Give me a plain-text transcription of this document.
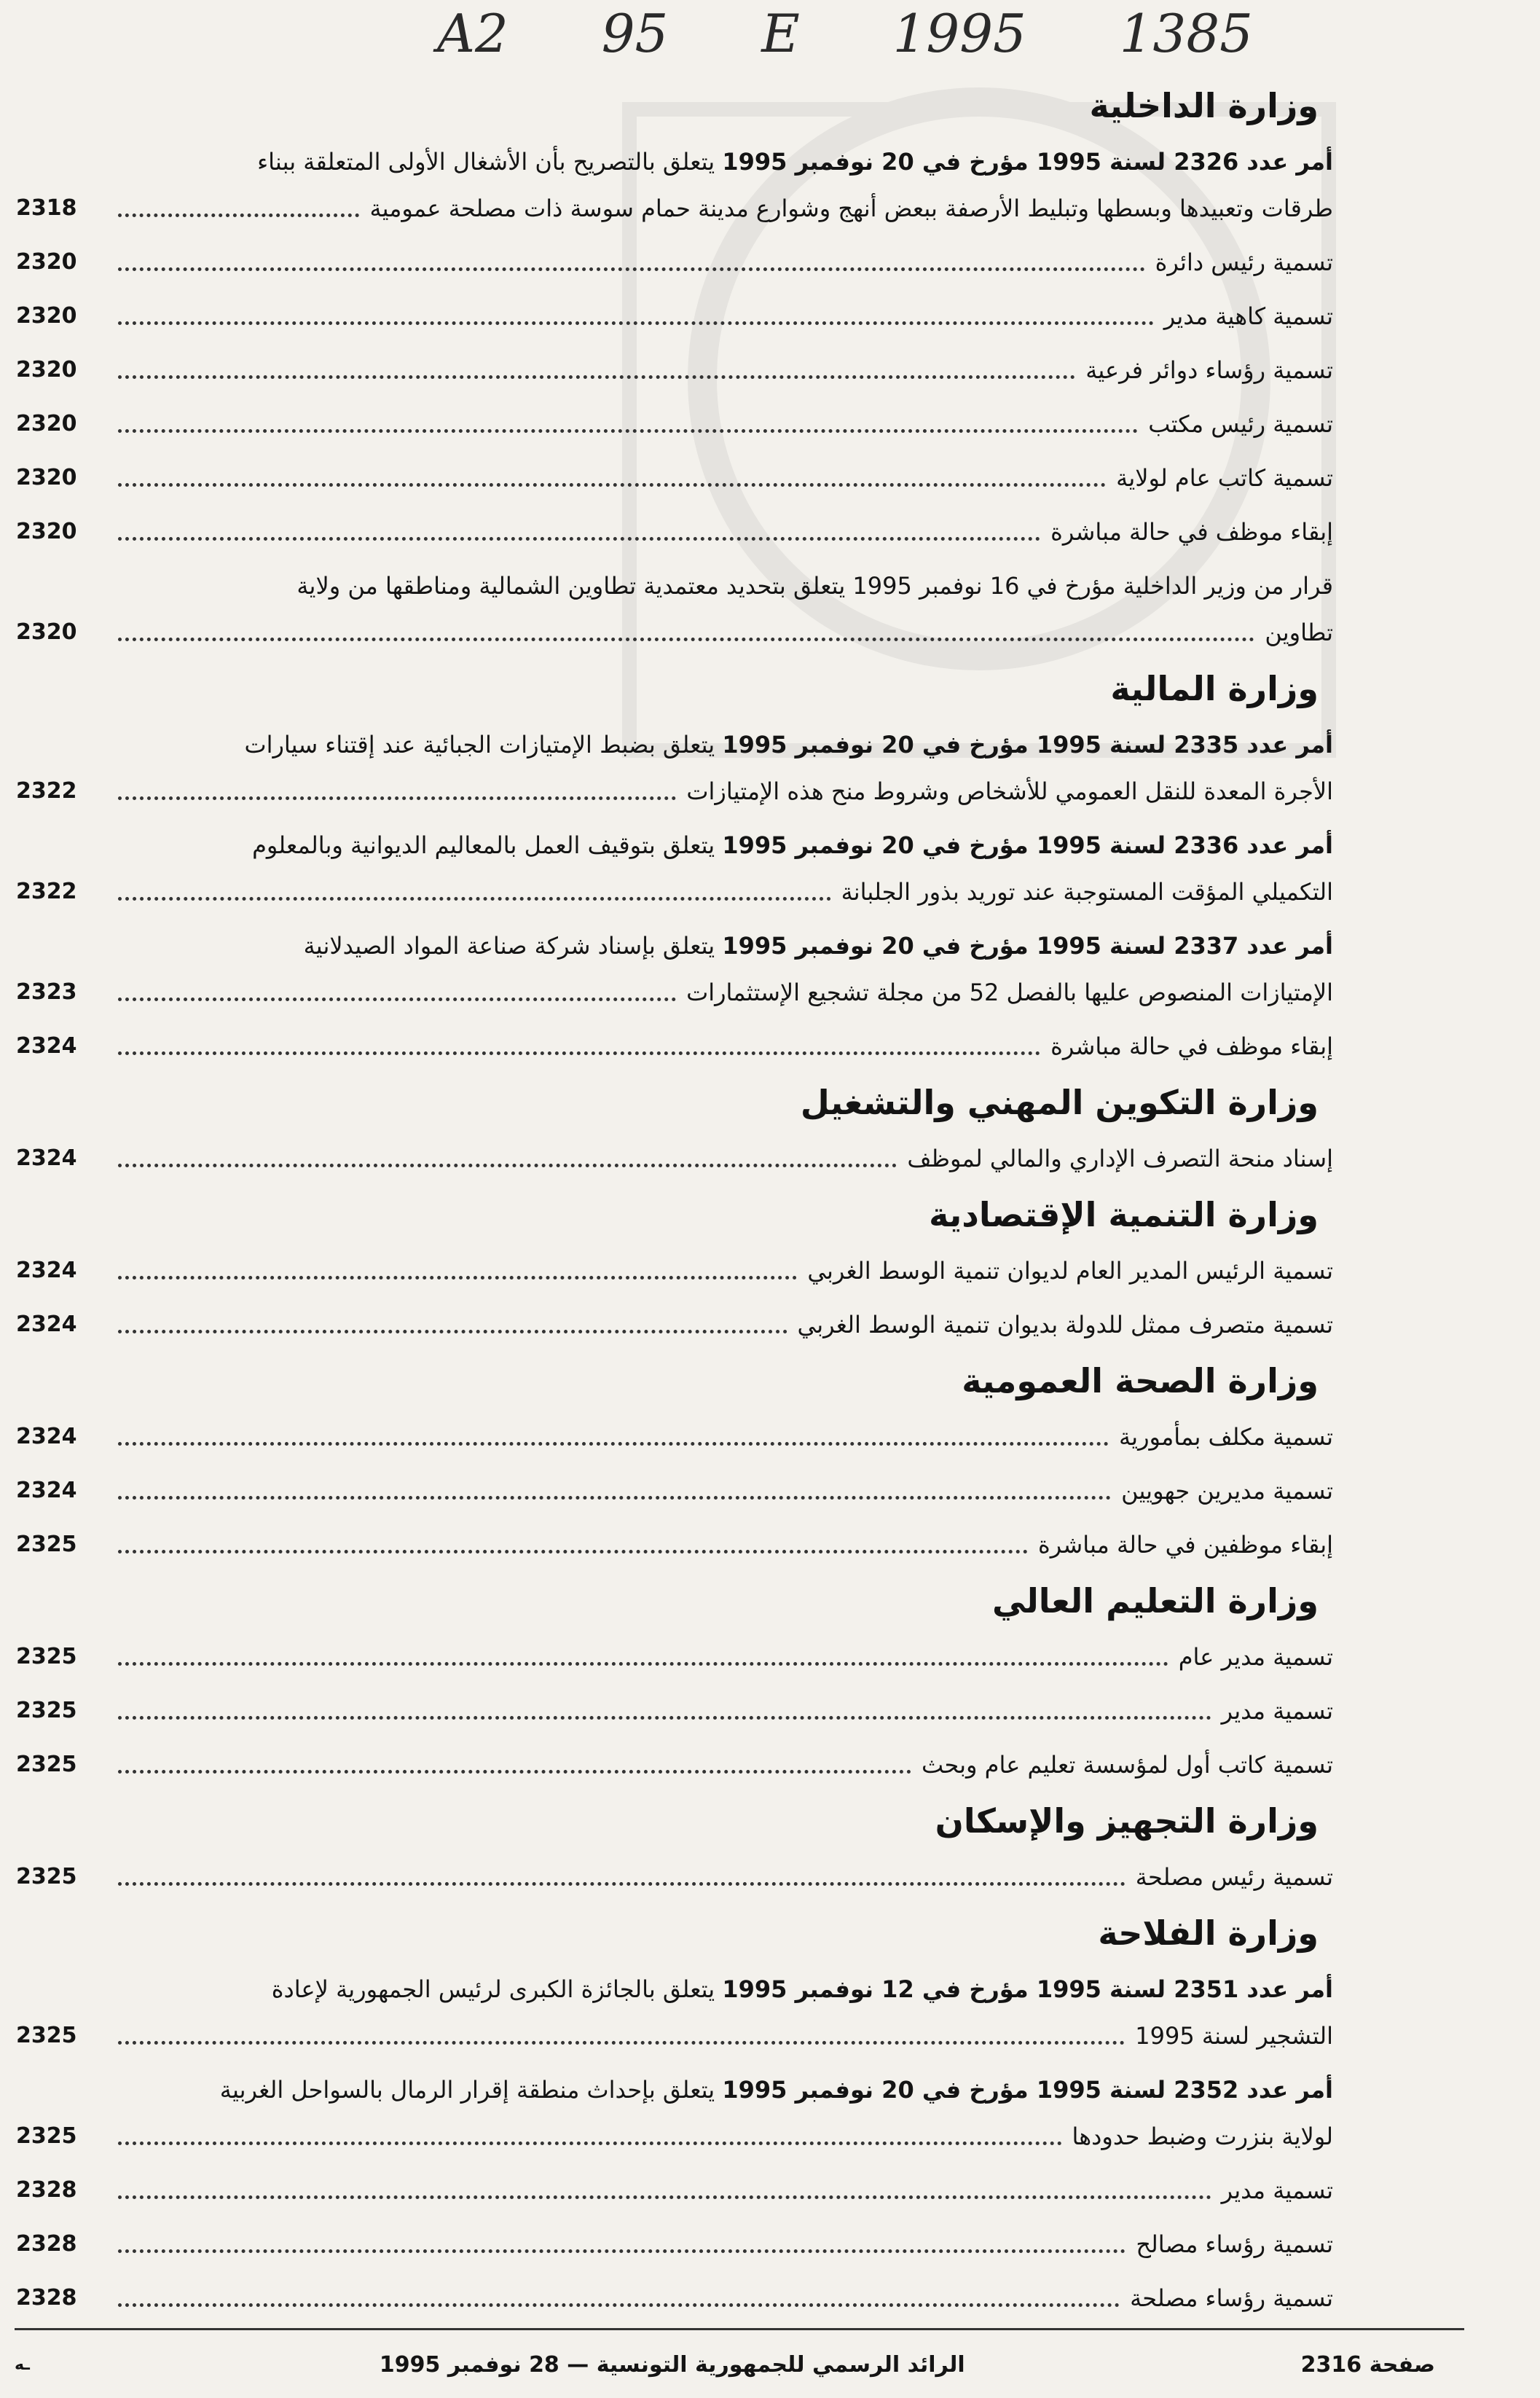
A2 95 E 1995 1385
وزارة الداخلية
أمر عدد 2326 لسنة 1995 مؤرخ في 20 نوفمبر 1995 يتعلق بالتصريح بأن الأشغال الأولى المتعلقة ببناء
2318	طرقات وتعبيدها وبسطها وتبليط الأرصفة ببعض أنهج وشوارع مدينة حمام سوسة ذات مصلحة عمومية
2320	تسمية رئيس دائرة
2320	تسمية كاهية مدير
2320	تسمية رؤساء دوائر فرعية
2320	تسمية رئيس مكتب
2320	تسمية كاتب عام لولاية
2320	إبقاء موظف في حالة مباشرة
قرار من وزير الداخلية مؤرخ في 16 نوفمبر 1995 يتعلق بتحديد معتمدية تطاوين الشمالية ومناطقها من ولاية
2320	تطاوين
وزارة المالية
أمر عدد 2335 لسنة 1995 مؤرخ في 20 نوفمبر 1995 يتعلق بضبط الإمتيازات الجبائية عند إقتناء سيارات
2322	الأجرة المعدة للنقل العمومي للأشخاص وشروط منح هذه الإمتيازات
أمر عدد 2336 لسنة 1995 مؤرخ في 20 نوفمبر 1995 يتعلق بتوقيف العمل بالمعاليم الديوانية وبالمعلوم
2322	التكميلي المؤقت المستوجبة عند توريد بذور الجلبانة
أمر عدد 2337 لسنة 1995 مؤرخ في 20 نوفمبر 1995 يتعلق بإسناد شركة صناعة المواد الصيدلانية
2323	الإمتيازات المنصوص عليها بالفصل 52 من مجلة تشجيع الإستثمارات
2324	إبقاء موظف في حالة مباشرة
وزارة التكوين المهني والتشغيل
2324	إسناد منحة التصرف الإداري والمالي لموظف
وزارة التنمية الإقتصادية
2324	تسمية الرئيس المدير العام لديوان تنمية الوسط الغربي
2324	تسمية متصرف ممثل للدولة بديوان تنمية الوسط الغربي
وزارة الصحة العمومية
2324	تسمية مكلف بمأمورية
2324	تسمية مديرين جهويين
2325	إبقاء موظفين في حالة مباشرة
وزارة التعليم العالي
2325	تسمية مدير عام
2325	تسمية مدير
2325	تسمية كاتب أول لمؤسسة تعليم عام وبحث
وزارة التجهيز والإسكان
2325	تسمية رئيس مصلحة
وزارة الفلاحة
أمر عدد 2351 لسنة 1995 مؤرخ في 12 نوفمبر 1995 يتعلق بالجائزة الكبرى لرئيس الجمهورية لإعادة
2325	التشجير لسنة 1995
أمر عدد 2352 لسنة 1995 مؤرخ في 20 نوفمبر 1995 يتعلق بإحداث منطقة إقرار الرمال بالسواحل الغربية
2325	لولاية بنزرت وضبط حدودها
2328	تسمية مدير
2328	تسمية رؤساء مصالح
2328	تسمية رؤساء مصلحة
ـه	الرائد الرسمي للجمهورية التونسية — 28 نوفمبر 1995	صفحة 2316
